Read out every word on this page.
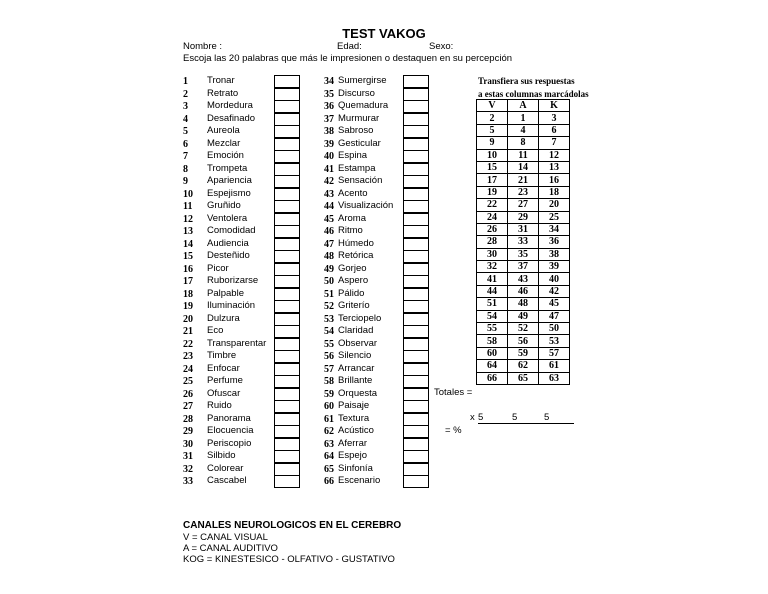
TEST VAKOG
Nombre :	Edad:	Sexo:
Escoja las 20 palabras que más le impresionen o destaquen en su percepción
1 Tronar
2 Retrato
3 Mordedura
4 Desafinado
5 Aureola
6 Mezclar
7 Emoción
8 Trompeta
9 Apariencia
10 Espejismo
11 Gruñido
12 Ventolera
13 Comodidad
14 Audiencia
15 Desteñido
16 Picor
17 Ruborizarse
18 Palpable
19 Iluminación
20 Dulzura
21 Eco
22 Transparentar
23 Timbre
24 Enfocar
25 Perfume
26 Ofuscar
27 Ruido
28 Panorama
29 Elocuencia
30 Periscopio
31 Silbido
32 Colorear
33 Cascabel
34 Sumergirse
35 Discurso
36 Quemadura
37 Murmurar
38 Sabroso
39 Gesticular
40 Espina
41 Estampa
42 Sensación
43 Acento
44 Visualización
45 Aroma
46 Ritmo
47 Húmedo
48 Retórica
49 Gorjeo
50 Aspero
51 Pálido
52 Griterío
53 Terciopelo
54 Claridad
55 Observar
56 Silencio
57 Arrancar
58 Brillante
59 Orquesta
60 Paisaje
61 Textura
62 Acústico
63 Aferrar
64 Espejo
65 Sinfonía
66 Escenario
Transfiera sus respuestas
a estas columnas marcádolas
V	A	K
2	1	3
5	4	6
9	8	7
10	11	12
15	14	13
17	21	16
19	23	18
22	27	20
24	29	25
26	31	34
28	33	36
30	35	38
32	37	39
41	43	40
44	46	42
51	48	45
54	49	47
55	52	50
58	56	53
60	59	57
64	62	61
66	65	63
Totales =
x 5	5	5
= %
CANALES NEUROLOGICOS EN EL CEREBRO
V = CANAL VISUAL
A = CANAL AUDITIVO
KOG = KINESTESICO - OLFATIVO - GUSTATIVO
